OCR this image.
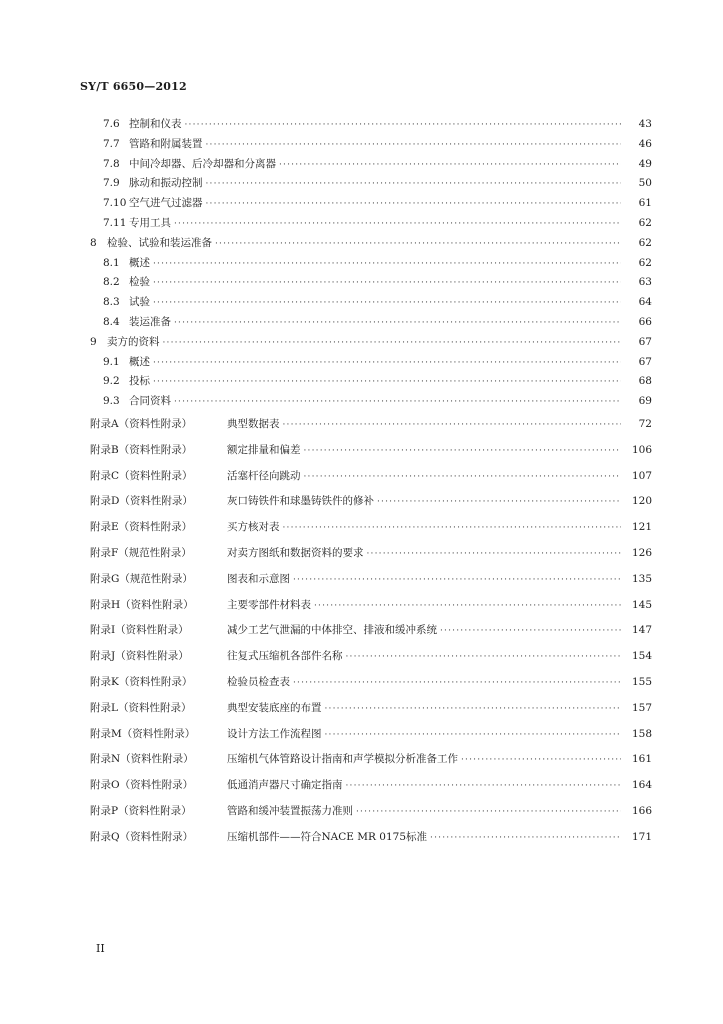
SY/T 6650—2012
7.6 控制和仪表 ·····	43
7.7 管路和附属装置 ·····	46
7.8 中间冷却器、后冷却器和分离器 ·····	49
7.9 脉动和振动控制 ·····	50
7.10 空气进气过滤器 ·····	61
7.11 专用工具 ·····	62
8 检验、试验和装运准备 ·····	62
8.1 概述 ·····	62
8.2 检验 ·····	63
8.3 试验 ·····	64
8.4 装运准备 ·····	66
9 卖方的资料 ·····	67
9.1 概述 ·····	67
9.2 投标 ·····	68
9.3 合同资料 ·····	69
附录A（资料性附录）	典型数据表 ·····	72
附录B（资料性附录）	额定排量和偏差 ·····	106
附录C（资料性附录）	活塞杆径向跳动 ·····	107
附录D（资料性附录）	灰口铸铁件和球墨铸铁件的修补 ·····	120
附录E（资料性附录）	买方核对表 ·····	121
附录F（规范性附录）	对卖方图纸和数据资料的要求 ·····	126
附录G（规范性附录）	图表和示意图 ·····	135
附录H（资料性附录）	主要零部件材料表 ·····	145
附录I（资料性附录）	减少工艺气泄漏的中体排空、排液和缓冲系统 ·····	147
附录J（资料性附录）	往复式压缩机各部件名称 ·····	154
附录K（资料性附录）	检验员检查表 ·····	155
附录L（资料性附录）	典型安装底座的布置 ·····	157
附录M（资料性附录）	设计方法工作流程图 ·····	158
附录N（资料性附录）	压缩机气体管路设计指南和声学模拟分析准备工作 ·····	161
附录O（资料性附录）	低通消声器尺寸确定指南 ·····	164
附录P（资料性附录）	管路和缓冲装置振荡力准则 ·····	166
附录Q（资料性附录）	压缩机部件——符合NACE MR 0175标准 ·····	171
II
